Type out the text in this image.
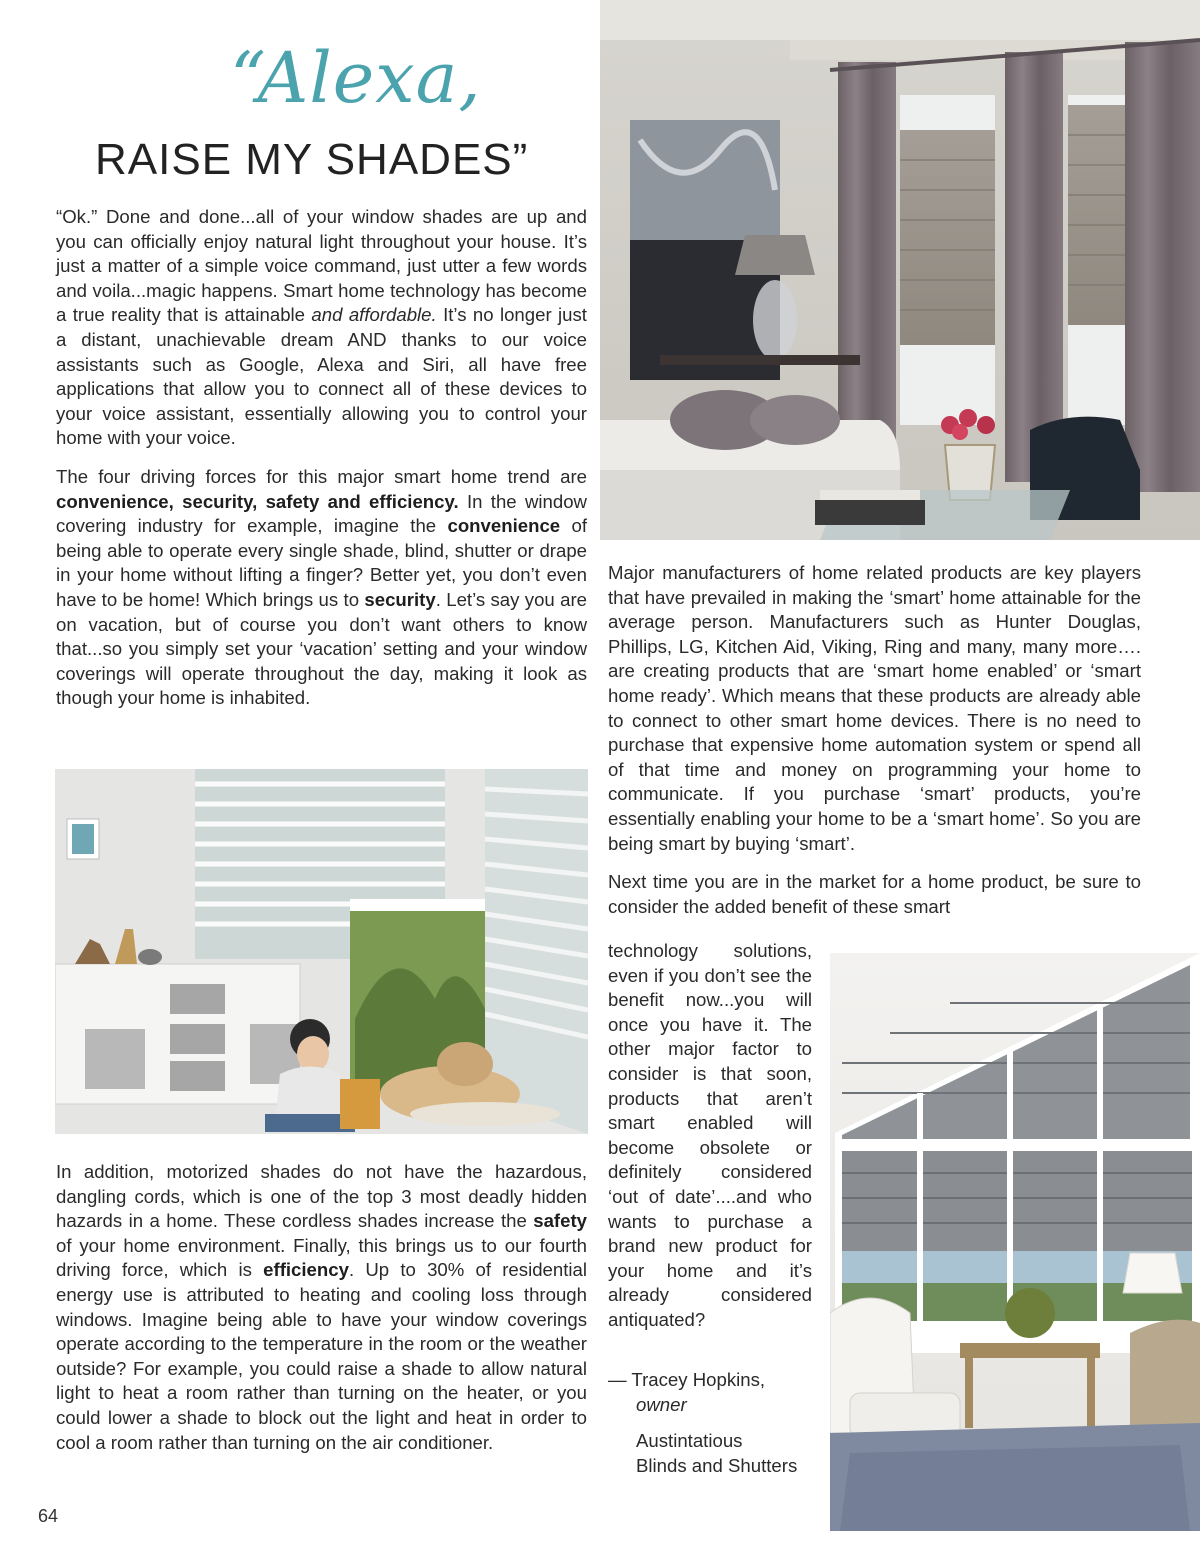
“Alexa,
RAISE MY SHADES”

“Ok.” Done and done...all of your window shades are up and you can officially enjoy natural light throughout your house. It’s just a matter of a simple voice command, just utter a few words and voila...magic happens. Smart home technology has become a true reality that is attainable and affordable. It’s no longer just a distant, unachievable dream AND thanks to our voice assistants such as Google, Alexa and Siri, all have free applications that allow you to connect all of these devices to your voice assistant, essentially allowing you to control your home with your voice.

The four driving forces for this major smart home trend are convenience, security, safety and efficiency. In the window covering industry for example, imagine the convenience of being able to operate every single shade, blind, shutter or drape in your home without lifting a finger? Better yet, you don’t even have to be home! Which brings us to security. Let’s say you are on vacation, but of course you don’t want others to know that...so you simply set your ‘vacation’ setting and your window coverings will operate throughout the day, making it look as though your home is inhabited.

In addition, motorized shades do not have the hazardous, dangling cords, which is one of the top 3 most deadly hidden hazards in a home. These cordless shades increase the safety of your home environment. Finally, this brings us to our fourth driving force, which is efficiency. Up to 30% of residential energy use is attributed to heating and cooling loss through windows. Imagine being able to have your window coverings operate according to the temperature in the room or the weather outside? For example, you could raise a shade to allow natural light to heat a room rather than turning on the heater, or you could lower a shade to block out the light and heat in order to cool a room rather than turning on the air conditioner.

Major manufacturers of home related products are key players that have prevailed in making the ‘smart’ home attainable for the average person. Manufacturers such as Hunter Douglas, Phillips, LG, Kitchen Aid, Viking, Ring and many, many more…. are creating products that are ‘smart home enabled’ or ‘smart home ready’. Which means that these products are already able to connect to other smart home devices. There is no need to purchase that expensive home automation system or spend all of that time and money on programming your home to communicate. If you purchase ‘smart’ products, you’re essentially enabling your home to be a ‘smart home’. So you are being smart by buying ‘smart’.

Next time you are in the market for a home product, be sure to consider the added benefit of these smart

technology solutions, even if you don’t see the benefit now...you will once you have it. The other major factor to consider is that soon, products that aren’t smart enabled will become obsolete or definitely considered ‘out of date’....and who wants to purchase a brand new product for your home and it’s already considered antiquated?

— Tracey Hopkins,
owner
Austintatious
Blinds and Shutters
64
